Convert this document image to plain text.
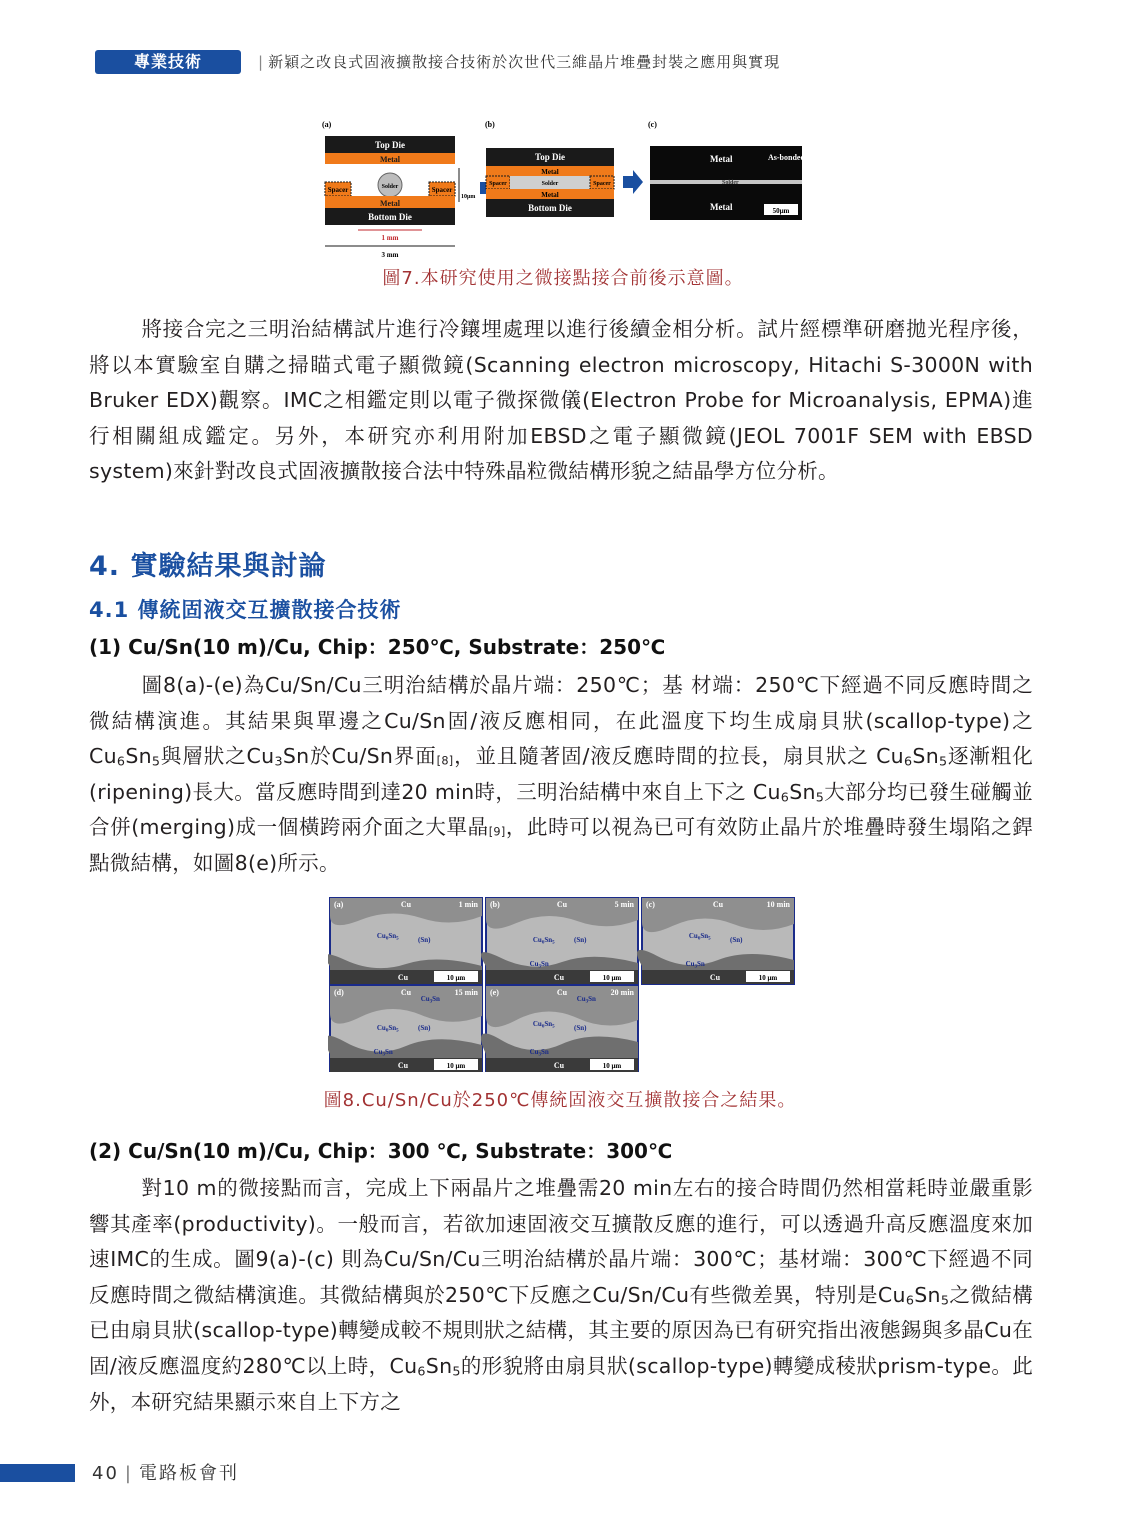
專業技術	| 新穎之改良式固液擴散接合技術於次世代三維晶片堆疊封裝之應用與實現
(a)
Top Die
Metal
Spacer	Spacer
Solder
Metal
Bottom Die
1 mm
3 mm
10μm
(b)
Top Die
Metal
Spacer	Solder	Spacer
Metal
Bottom Die
(c)
Metal	As-bonded
Solder
Metal	50μm
圖7.本研究使用之微接點接合前後示意圖。

將接合完之三明治結構試片進行冷鑲埋處理以進行後續金相分析。試片經標準研磨拋光程序後，將以本實驗室自購之掃瞄式電子顯微鏡(Scanning electron microscopy, Hitachi S-3000N with Bruker EDX)觀察。IMC之相鑑定則以電子微探微儀(Electron Probe for Microanalysis, EPMA)進 行相關組成鑑定。另外，本研究亦利用附加EBSD之電子顯微鏡(JEOL 7001F SEM with EBSD system)來針對改良式固液擴散接合法中特殊晶粒微結構形貌之結晶學方位分析。

4. 實驗結果與討論
4.1 傳統固液交互擴散接合技術
(1) Cu/Sn(10 m)/Cu, Chip：250℃, Substrate：250℃

圖8(a)-(e)為Cu/Sn/Cu三明治結構於晶片端：250℃；基 材端：250℃下經過不同反應時間之微結構演進。其結果與單邊之Cu/Sn固/液反應相同，在此溫度下均生成扇貝狀(scallop-type)之$Cu_6Sn_5$與層狀之$Cu_3Sn$於Cu/Sn界面$_{[8]}$，並且隨著固/液反應時間的拉長，扇貝狀之 $Cu_6Sn_5$逐漸粗化(ripening)長大。當反應時間到達20 min時，三明治結構中來自上下之 $Cu_6Sn_5$大部分均已發生碰觸並合併(merging)成一個橫跨兩介面之大單晶$_{[9]}$，此時可以視為已可有效防止晶片於堆疊時發生塌陷之銲點微結構，如圖8(e)所示。

(a)	Cu	1 min
Cu	10 μm
$Cu_6Sn_5$	(Sn)
(b)	Cu	5 min
Cu	10 μm
$Cu_6Sn_5$	(Sn)
$Cu_3Sn$
(c)	Cu	10 min
Cu	10 μm
$Cu_6Sn_5$	(Sn)
$Cu_3Sn$
(d)	Cu	15 min
Cu	10 μm
$Cu_6Sn_5$	(Sn)
$Cu_3Sn$
$Cu_3Sn$
(e)	Cu	20 min
Cu	10 μm
$Cu_6Sn_5$	(Sn)
$Cu_3Sn$
$Cu_3Sn$
圖8.Cu/Sn/Cu於250℃傳統固液交互擴散接合之結果。
(2) Cu/Sn(10 m)/Cu, Chip：300 ℃, Substrate：300℃

對10 m的微接點而言，完成上下兩晶片之堆疊需20 min左右的接合時間仍然相當耗時並嚴重影響其產率(productivity)。一般而言，若欲加速固液交互擴散反應的進行，可以透過升高反應溫度來加速IMC的生成。圖9(a)-(c) 則為Cu/Sn/Cu三明治結構於晶片端：300℃；基材端：300℃下經過不同反應時間之微結構演進。其微結構與於250℃下反應之Cu/Sn/Cu有些微差異，特別是$Cu_6Sn_5$之微結構已由扇貝狀(scallop-type)轉變成較不規則狀之結構，其主要的原因為已有研究指出液態錫與多晶Cu在固/液反應溫度約280℃以上時，$Cu_6Sn_5$的形貌將由扇貝狀(scallop-type)轉變成稜狀prism-type。此外，本研究結果顯示來自上下方之

40 | 電路板會刊
